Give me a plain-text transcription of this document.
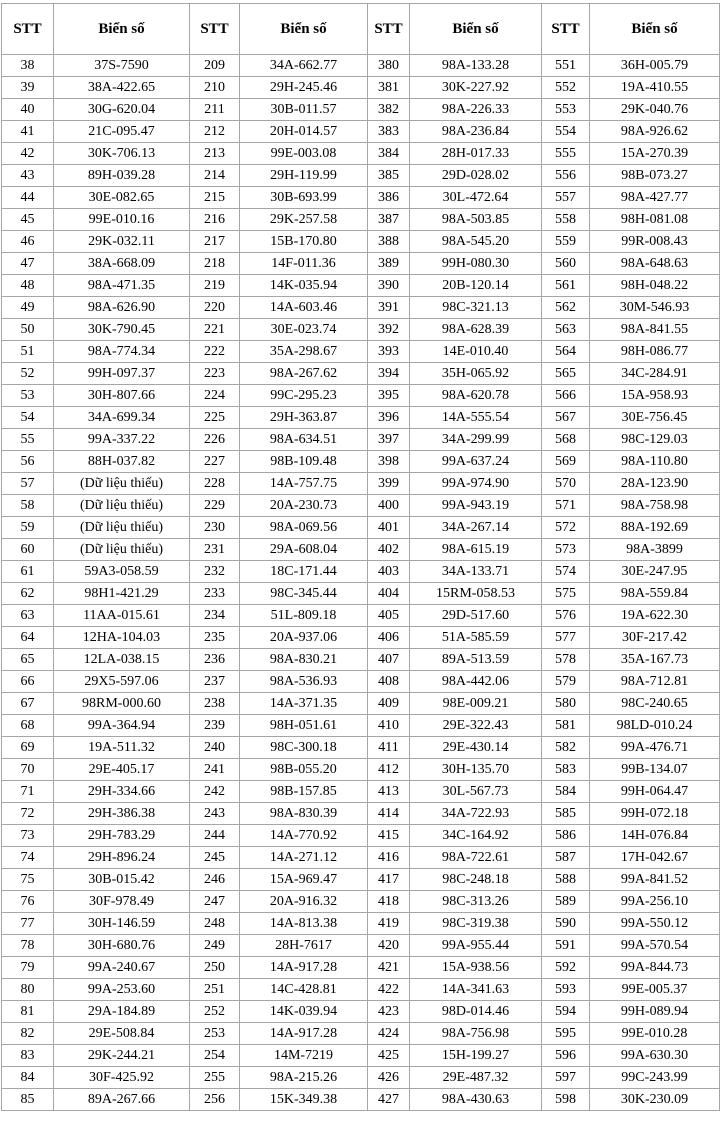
STT	Biển số	STT	Biển số	STT	Biển số	STT	Biển số
38	37S-7590	209	34A-662.77	380	98A-133.28	551	36H-005.79
39	38A-422.65	210	29H-245.46	381	30K-227.92	552	19A-410.55
40	30G-620.04	211	30B-011.57	382	98A-226.33	553	29K-040.76
41	21C-095.47	212	20H-014.57	383	98A-236.84	554	98A-926.62
42	30K-706.13	213	99E-003.08	384	28H-017.33	555	15A-270.39
43	89H-039.28	214	29H-119.99	385	29D-028.02	556	98B-073.27
44	30E-082.65	215	30B-693.99	386	30L-472.64	557	98A-427.77
45	99E-010.16	216	29K-257.58	387	98A-503.85	558	98H-081.08
46	29K-032.11	217	15B-170.80	388	98A-545.20	559	99R-008.43
47	38A-668.09	218	14F-011.36	389	99H-080.30	560	98A-648.63
48	98A-471.35	219	14K-035.94	390	20B-120.14	561	98H-048.22
49	98A-626.90	220	14A-603.46	391	98C-321.13	562	30M-546.93
50	30K-790.45	221	30E-023.74	392	98A-628.39	563	98A-841.55
51	98A-774.34	222	35A-298.67	393	14E-010.40	564	98H-086.77
52	99H-097.37	223	98A-267.62	394	35H-065.92	565	34C-284.91
53	30H-807.66	224	99C-295.23	395	98A-620.78	566	15A-958.93
54	34A-699.34	225	29H-363.87	396	14A-555.54	567	30E-756.45
55	99A-337.22	226	98A-634.51	397	34A-299.99	568	98C-129.03
56	88H-037.82	227	98B-109.48	398	99A-637.24	569	98A-110.80
57	(Dữ liệu thiếu)	228	14A-757.75	399	99A-974.90	570	28A-123.90
58	(Dữ liệu thiếu)	229	20A-230.73	400	99A-943.19	571	98A-758.98
59	(Dữ liệu thiếu)	230	98A-069.56	401	34A-267.14	572	88A-192.69
60	(Dữ liệu thiếu)	231	29A-608.04	402	98A-615.19	573	98A-3899
61	59A3-058.59	232	18C-171.44	403	34A-133.71	574	30E-247.95
62	98H1-421.29	233	98C-345.44	404	15RM-058.53	575	98A-559.84
63	11AA-015.61	234	51L-809.18	405	29D-517.60	576	19A-622.30
64	12HA-104.03	235	20A-937.06	406	51A-585.59	577	30F-217.42
65	12LA-038.15	236	98A-830.21	407	89A-513.59	578	35A-167.73
66	29X5-597.06	237	98A-536.93	408	98A-442.06	579	98A-712.81
67	98RM-000.60	238	14A-371.35	409	98E-009.21	580	98C-240.65
68	99A-364.94	239	98H-051.61	410	29E-322.43	581	98LD-010.24
69	19A-511.32	240	98C-300.18	411	29E-430.14	582	99A-476.71
70	29E-405.17	241	98B-055.20	412	30H-135.70	583	99B-134.07
71	29H-334.66	242	98B-157.85	413	30L-567.73	584	99H-064.47
72	29H-386.38	243	98A-830.39	414	34A-722.93	585	99H-072.18
73	29H-783.29	244	14A-770.92	415	34C-164.92	586	14H-076.84
74	29H-896.24	245	14A-271.12	416	98A-722.61	587	17H-042.67
75	30B-015.42	246	15A-969.47	417	98C-248.18	588	99A-841.52
76	30F-978.49	247	20A-916.32	418	98C-313.26	589	99A-256.10
77	30H-146.59	248	14A-813.38	419	98C-319.38	590	99A-550.12
78	30H-680.76	249	28H-7617	420	99A-955.44	591	99A-570.54
79	99A-240.67	250	14A-917.28	421	15A-938.56	592	99A-844.73
80	99A-253.60	251	14C-428.81	422	14A-341.63	593	99E-005.37
81	29A-184.89	252	14K-039.94	423	98D-014.46	594	99H-089.94
82	29E-508.84	253	14A-917.28	424	98A-756.98	595	99E-010.28
83	29K-244.21	254	14M-7219	425	15H-199.27	596	99A-630.30
84	30F-425.92	255	98A-215.26	426	29E-487.32	597	99C-243.99
85	89A-267.66	256	15K-349.38	427	98A-430.63	598	30K-230.09
